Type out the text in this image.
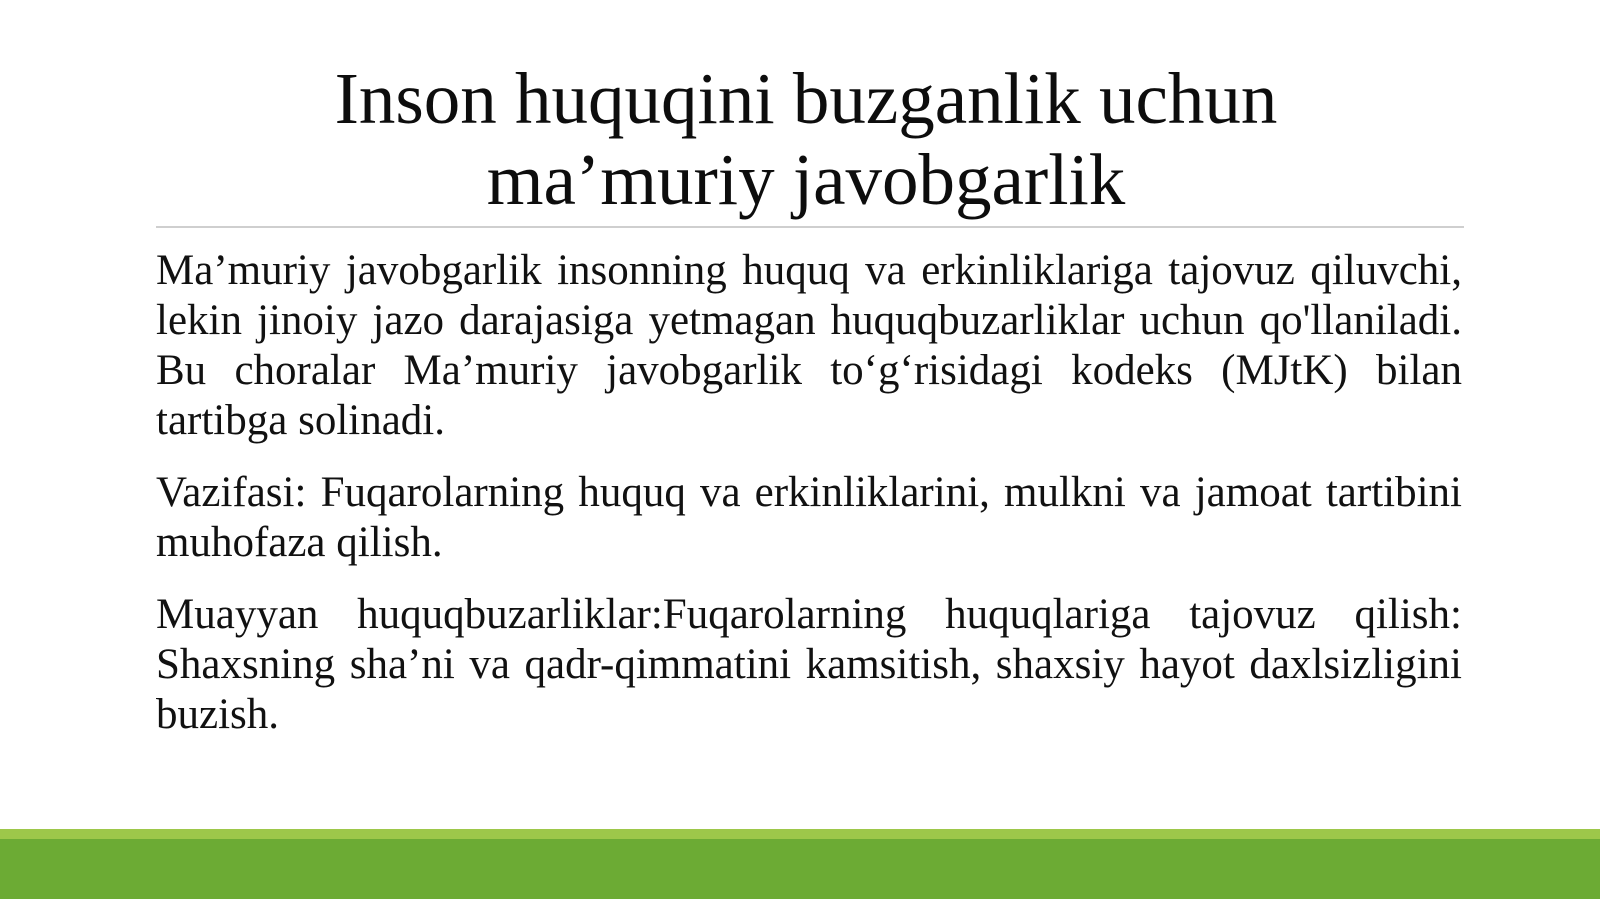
Inson huquqini buzganlik uchun
ma’muriy javobgarlik

Ma’muriy javobgarlik insonning huquq va erkinliklariga tajovuz qiluvchi, lekin jinoiy jazo darajasiga yetmagan huquqbuzarliklar uchun qo'llaniladi. Bu choralar Ma’muriy javobgarlik to‘g‘risidagi kodeks (MJtK) bilan tartibga solinadi.

Vazifasi: Fuqarolarning huquq va erkinliklarini, mulkni va jamoat tartibini muhofaza qilish.

Muayyan huquqbuzarliklar:Fuqarolarning huquqlariga tajovuz qilish: Shaxsning sha’ni va qadr-qimmatini kamsitish, shaxsiy hayot daxlsizligini buzish.
